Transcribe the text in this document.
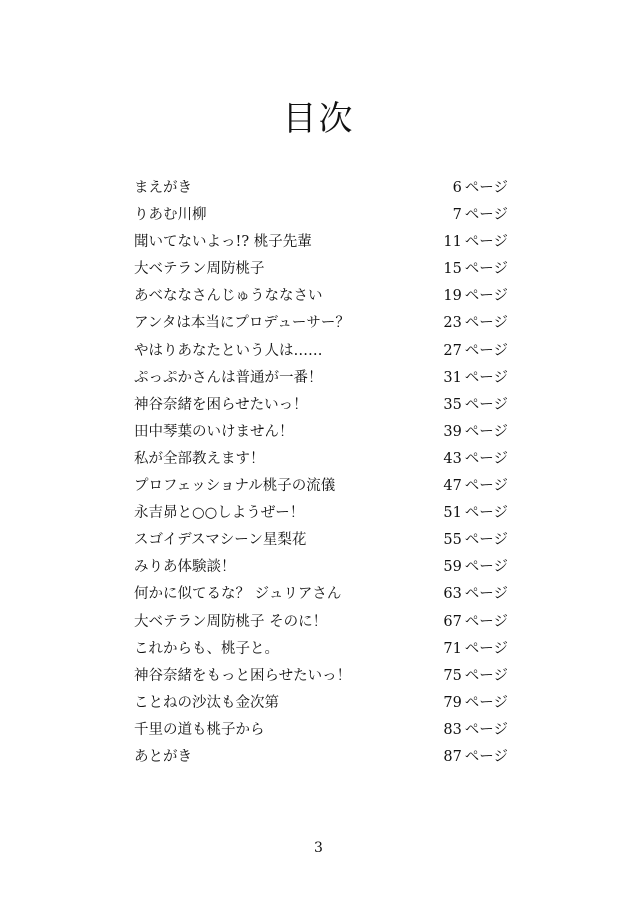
目次
まえがき	6  ページ
りあむ川柳	7  ページ
聞いてないよっ!? 桃子先輩	11  ページ
大ベテラン周防桃子	15  ページ
あべななさんじゅうななさい	19  ページ
アンタは本当にプロデューサー？	23  ページ
やはりあなたという人は……	27  ページ
ぷっぷかさんは普通が一番！	31  ページ
神谷奈緒を困らせたいっ！	35  ページ
田中琴葉のいけません！	39  ページ
私が全部教えます！	43  ページ
プロフェッショナル桃子の流儀	47  ページ
永吉昴と○○しようぜー！	51  ページ
スゴイデスマシーン星梨花	55  ページ
みりあ体験談！	59  ページ
何かに似てるな？ ジュリアさん	63  ページ
大ベテラン周防桃子 そのに！	67  ページ
これからも、桃子と。	71  ページ
神谷奈緒をもっと困らせたいっ！	75  ページ
ことねの沙汰も金次第	79  ページ
千里の道も桃子から	83  ページ
あとがき	87  ページ
3
